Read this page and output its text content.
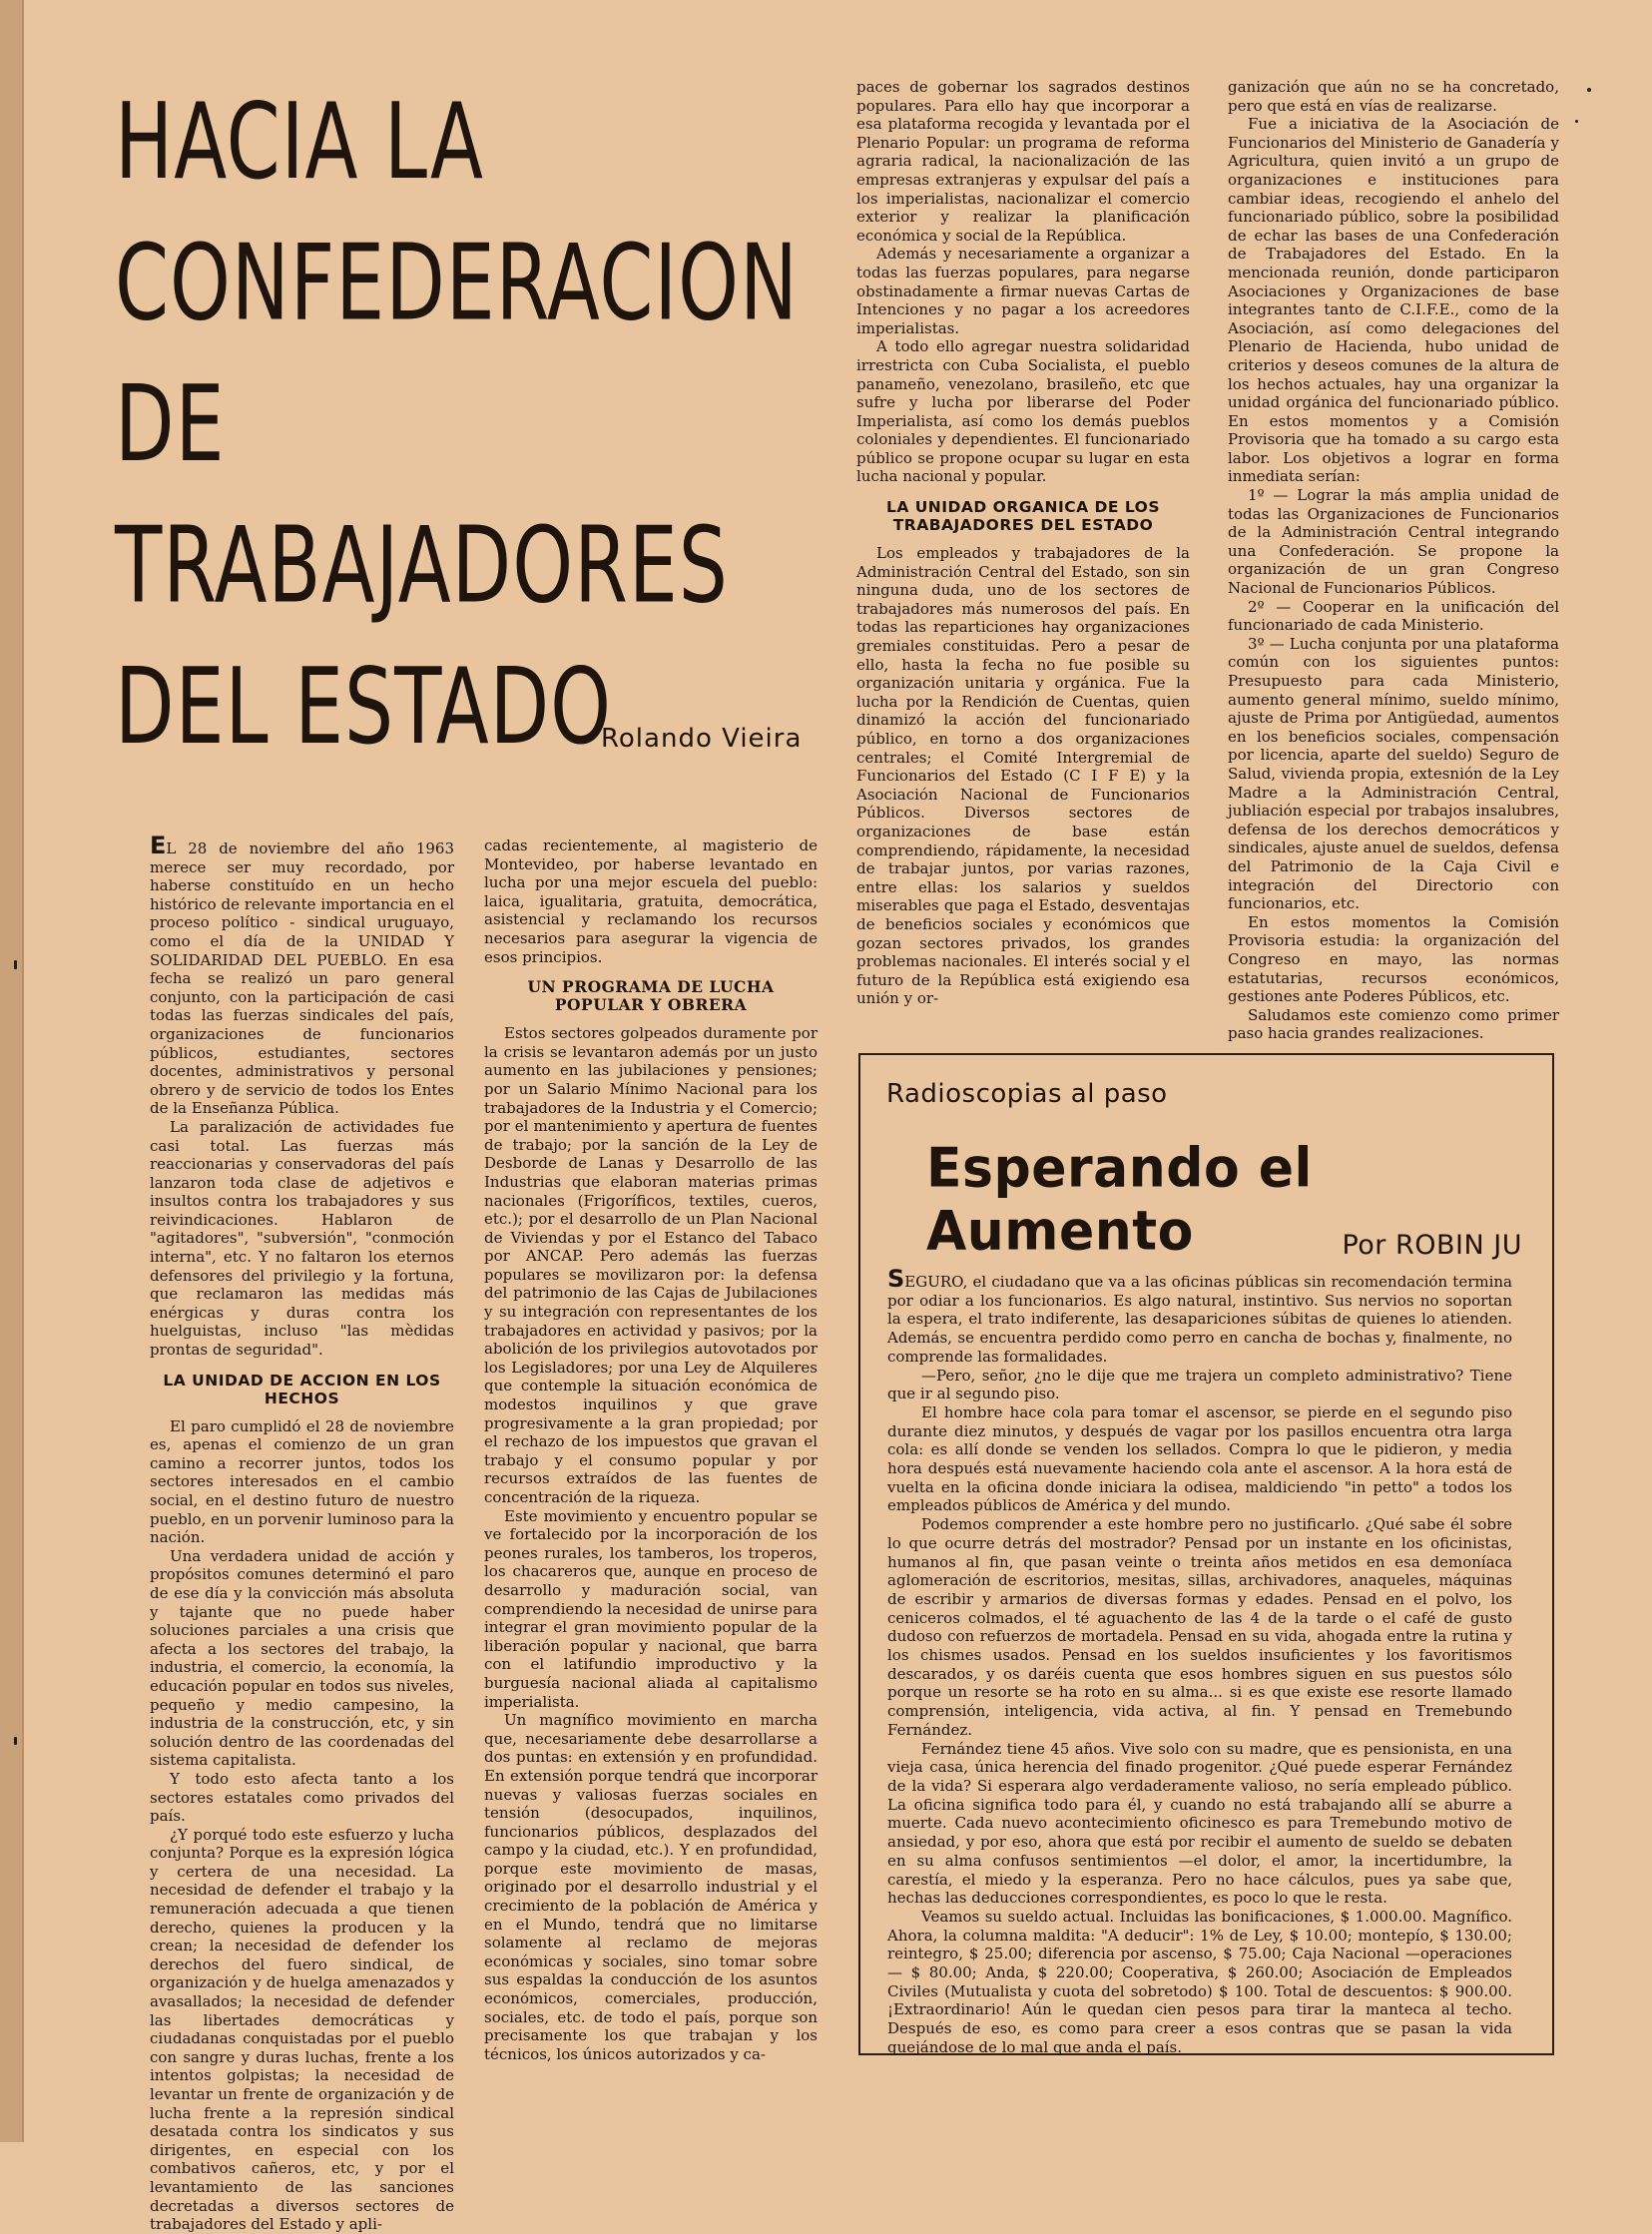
HACIA LA
CONFEDERACION
DE
TRABAJADORES
DEL ESTADO
Rolando Vieira

EL 28 de noviembre del año 1963 merece ser muy recordado, por haberse constituído en un hecho histórico de relevante importancia en el proceso político - sindical uruguayo, como el día de la UNIDAD Y SOLIDARIDAD DEL PUEBLO. En esa fecha se realizó un paro general conjunto, con la participación de casi todas las fuerzas sindicales del país, organizaciones de funcionarios públicos, estudiantes, sectores docentes, administrativos y personal obrero y de servicio de todos los Entes de la Enseñanza Pública.

La paralización de actividades fue casi total. Las fuerzas más reaccionarias y conservadoras del país lanzaron toda clase de adjetivos e insultos contra los trabajadores y sus reivindicaciones. Hablaron de "agitadores", "subversión", "conmoción interna", etc. Y no faltaron los eternos defensores del privilegio y la fortuna, que reclamaron las medidas más enérgicas y duras contra los huelguistas, incluso "las mèdidas prontas de seguridad".

LA UNIDAD DE ACCION EN LOS HECHOS

El paro cumplidó el 28 de noviembre es, apenas el comienzo de un gran camino a recorrer juntos, todos los sectores interesados en el cambio social, en el destino futuro de nuestro pueblo, en un porvenir luminoso para la nación.

Una verdadera unidad de acción y propósitos comunes determinó el paro de ese día y la convicción más absoluta y tajante que no puede haber soluciones parciales a una crisis que afecta a los sectores del trabajo, la industria, el comercio, la economía, la educación popular en todos sus niveles, pequeño y medio campesino, la industria de la construcción, etc, y sin solución dentro de las coordenadas del sistema capitalista.

Y todo esto afecta tanto a los sectores estatales como privados del país.

¿Y porqué todo este esfuerzo y lucha conjunta? Porque es la expresión lógica y certera de una necesidad. La necesidad de defender el trabajo y la remuneración adecuada a que tienen derecho, quienes la producen y la crean; la necesidad de defender los derechos del fuero sindical, de organización y de huelga amenazados y avasallados; la necesidad de defender las libertades democráticas y ciudadanas conquistadas por el pueblo con sangre y duras luchas, frente a los intentos golpistas; la necesidad de levantar un frente de organización y de lucha frente a la represión sindical desatada contra los sindicatos y sus dirigentes, en especial con los combativos cañeros, etc, y por el levantamiento de las sanciones decretadas a diversos sectores de trabajadores del Estado y apli-

cadas recientemente, al magisterio de Montevideo, por haberse levantado en lucha por una mejor escuela del pueblo: laica, igualitaria, gratuita, democrática, asistencial y reclamando los recursos necesarios para asegurar la vigencia de esos principios.

UN PROGRAMA DE LUCHA POPULAR Y OBRERA

Estos sectores golpeados duramente por la crisis se levantaron además por un justo aumento en las jubilaciones y pensiones; por un Salario Mínimo Nacional para los trabajadores de la Industria y el Comercio; por el mantenimiento y apertura de fuentes de trabajo; por la sanción de la Ley de Desborde de Lanas y Desarrollo de las Industrias que elaboran materias primas nacionales (Frigoríficos, textiles, cueros, etc.); por el desarrollo de un Plan Nacional de Viviendas y por el Estanco del Tabaco por ANCAP. Pero además las fuerzas populares se movilizaron por: la defensa del patrimonio de las Cajas de Jubilaciones y su integración con representantes de los trabajadores en actividad y pasivos; por la abolición de los privilegios autovotados por los Legisladores; por una Ley de Alquileres que contemple la situación económica de modestos inquilinos y que grave progresivamente a la gran propiedad; por el rechazo de los impuestos que gravan el trabajo y el consumo popular y por recursos extraídos de las fuentes de concentración de la riqueza.

Este movimiento y encuentro popular se ve fortalecido por la incorporación de los peones rurales, los tamberos, los troperos, los chacareros que, aunque en proceso de desarrollo y maduración social, van comprendiendo la necesidad de unirse para integrar el gran movimiento popular de la liberación popular y nacional, que barra con el latifundio improductivo y la burguesía nacional aliada al capitalismo imperialista.

Un magnífico movimiento en marcha que, necesariamente debe desarrollarse a dos puntas: en extensión y en profundidad. En extensión porque tendrá que incorporar nuevas y valiosas fuerzas sociales en tensión (desocupados, inquilinos, funcionarios públicos, desplazados del campo y la ciudad, etc.). Y en profundidad, porque este movimiento de masas, originado por el desarrollo industrial y el crecimiento de la población de América y en el Mundo, tendrá que no limitarse solamente al reclamo de mejoras económicas y sociales, sino tomar sobre sus espaldas la conducción de los asuntos económicos, comerciales, producción, sociales, etc. de todo el país, porque son precisamente los que trabajan y los técnicos, los únicos autorizados y ca-

paces de gobernar los sagrados destinos populares. Para ello hay que incorporar a esa plataforma recogida y levantada por el Plenario Popular: un programa de reforma agraria radical, la nacionalización de las empresas extranjeras y expulsar del país a los imperialistas, nacionalizar el comercio exterior y realizar la planificación económica y social de la República.

Además y necesariamente a organizar a todas las fuerzas populares, para negarse obstinadamente a firmar nuevas Cartas de Intenciones y no pagar a los acreedores imperialistas.

A todo ello agregar nuestra solidaridad irrestricta con Cuba Socialista, el pueblo panameño, venezolano, brasileño, etc que sufre y lucha por liberarse del Poder Imperialista, así como los demás pueblos coloniales y dependientes. El funcionariado público se propone ocupar su lugar en esta lucha nacional y popular.

LA UNIDAD ORGANICA DE LOS TRABAJADORES DEL ESTADO

Los empleados y trabajadores de la Administración Central del Estado, son sin ninguna duda, uno de los sectores de trabajadores más numerosos del país. En todas las reparticiones hay organizaciones gremiales constituidas. Pero a pesar de ello, hasta la fecha no fue posible su organización unitaria y orgánica. Fue la lucha por la Rendición de Cuentas, quien dinamizó la acción del funcionariado público, en torno a dos organizaciones centrales; el Comité Intergremial de Funcionarios del Estado (C I F E) y la Asociación Nacional de Funcionarios Públicos. Diversos sectores de organizaciones de base están comprendiendo, rápidamente, la necesidad de trabajar juntos, por varias razones, entre ellas: los salarios y sueldos miserables que paga el Estado, desventajas de beneficios sociales y económicos que gozan sectores privados, los grandes problemas nacionales. El interés social y el futuro de la República está exigiendo esa unión y or-

ganización que aún no se ha concretado, pero que está en vías de realizarse.

Fue a iniciativa de la Asociación de Funcionarios del Ministerio de Ganadería y Agricultura, quien invitó a un grupo de organizaciones e instituciones para cambiar ideas, recogiendo el anhelo del funcionariado público, sobre la posibilidad de echar las bases de una Confederación de Trabajadores del Estado. En la mencionada reunión, donde participaron Asociaciones y Organizaciones de base integrantes tanto de C.I.F.E., como de la Asociación, así como delegaciones del Plenario de Hacienda, hubo unidad de criterios y deseos comunes de la altura de los hechos actuales, hay una organizar la unidad orgánica del funcionariado público. En estos momentos y a Comisión Provisoria que ha tomado a su cargo esta labor. Los objetivos a lograr en forma inmediata serían:

1º — Lograr la más amplia unidad de todas las Organizaciones de Funcionarios de la Administración Central integrando una Confederación. Se propone la organización de un gran Congreso Nacional de Funcionarios Públicos.

2º — Cooperar en la unificación del funcionariado de cada Ministerio.

3º — Lucha conjunta por una plataforma común con los siguientes puntos: Presupuesto para cada Ministerio, aumento general mínimo, sueldo mínimo, ajuste de Prima por Antigüedad, aumentos en los beneficios sociales, compensación por licencia, aparte del sueldo) Seguro de Salud, vivienda propia, extesnión de la Ley Madre a la Administración Central, jubliación especial por trabajos insalubres, defensa de los derechos democráticos y sindicales, ajuste anuel de sueldos, defensa del Patrimonio de la Caja Civil e integración del Directorio con funcionarios, etc.

En estos momentos la Comisión Provisoria estudia: la organización del Congreso en mayo, las normas estatutarias, recursos económicos, gestiones ante Poderes Públicos, etc.

Saludamos este comienzo como primer paso hacia grandes realizaciones.

Radioscopias al paso
Esperando el Aumento	Por ROBIN JU

SEGURO, el ciudadano que va a las oficinas públicas sin recomendación termina por odiar a los funcionarios. Es algo natural, instintivo. Sus nervios no soportan la espera, el trato indiferente, las desapariciones súbitas de quienes lo atienden. Además, se encuentra perdido como perro en cancha de bochas y, finalmente, no comprende las formalidades.

—Pero, señor, ¿no le dije que me trajera un completo administrativo? Tiene que ir al segundo piso.

El hombre hace cola para tomar el ascensor, se pierde en el segundo piso durante diez minutos, y después de vagar por los pasillos encuentra otra larga cola: es allí donde se venden los sellados. Compra lo que le pidieron, y media hora después está nuevamente haciendo cola ante el ascensor. A la hora está de vuelta en la oficina donde iniciara la odisea, maldiciendo "in petto" a todos los empleados públicos de América y del mundo.

Podemos comprender a este hombre pero no justificarlo. ¿Qué sabe él sobre lo que ocurre detrás del mostrador? Pensad por un instante en los oficinistas, humanos al fin, que pasan veinte o treinta años metidos en esa demoníaca aglomeración de escritorios, mesitas, sillas, archivadores, anaqueles, máquinas de escribir y armarios de diversas formas y edades. Pensad en el polvo, los ceniceros colmados, el té aguachento de las 4 de la tarde o el café de gusto dudoso con refuerzos de mortadela. Pensad en su vida, ahogada entre la rutina y los chismes usados. Pensad en los sueldos insuficientes y los favoritismos descarados, y os daréis cuenta que esos hombres siguen en sus puestos sólo porque un resorte se ha roto en su alma... si es que existe ese resorte llamado comprensión, inteligencia, vida activa, al fin. Y pensad en Tremebundo Fernández.

Fernández tiene 45 años. Vive solo con su madre, que es pensionista, en una vieja casa, única herencia del finado progenitor. ¿Qué puede esperar Fernández de la vida? Si esperara algo verdaderamente valioso, no sería empleado público. La oficina significa todo para él, y cuando no está trabajando allí se aburre a muerte. Cada nuevo acontecimiento oficinesco es para Tremebundo motivo de ansiedad, y por eso, ahora que está por recibir el aumento de sueldo se debaten en su alma confusos sentimientos —el dolor, el amor, la incertidumbre, la carestía, el miedo y la esperanza. Pero no hace cálculos, pues ya sabe que, hechas las deducciones correspondientes, es poco lo que le resta.

Veamos su sueldo actual. Incluidas las bonificaciones, $ 1.000.00. Magnífico. Ahora, la columna maldita: "A deducir": 1% de Ley, $ 10.00; montepío, $ 130.00; reintegro, $ 25.00; diferencia por ascenso, $ 75.00; Caja Nacional —operaciones— $ 80.00; Anda, $ 220.00; Cooperativa, $ 260.00; Asociación de Empleados Civiles (Mutualista y cuota del sobretodo) $ 100. Total de descuentos: $ 900.00. ¡Extraordinario! Aún le quedan cien pesos para tirar la manteca al techo. Después de eso, es como para creer a esos contras que se pasan la vida quejándose de lo mal que anda el país.
